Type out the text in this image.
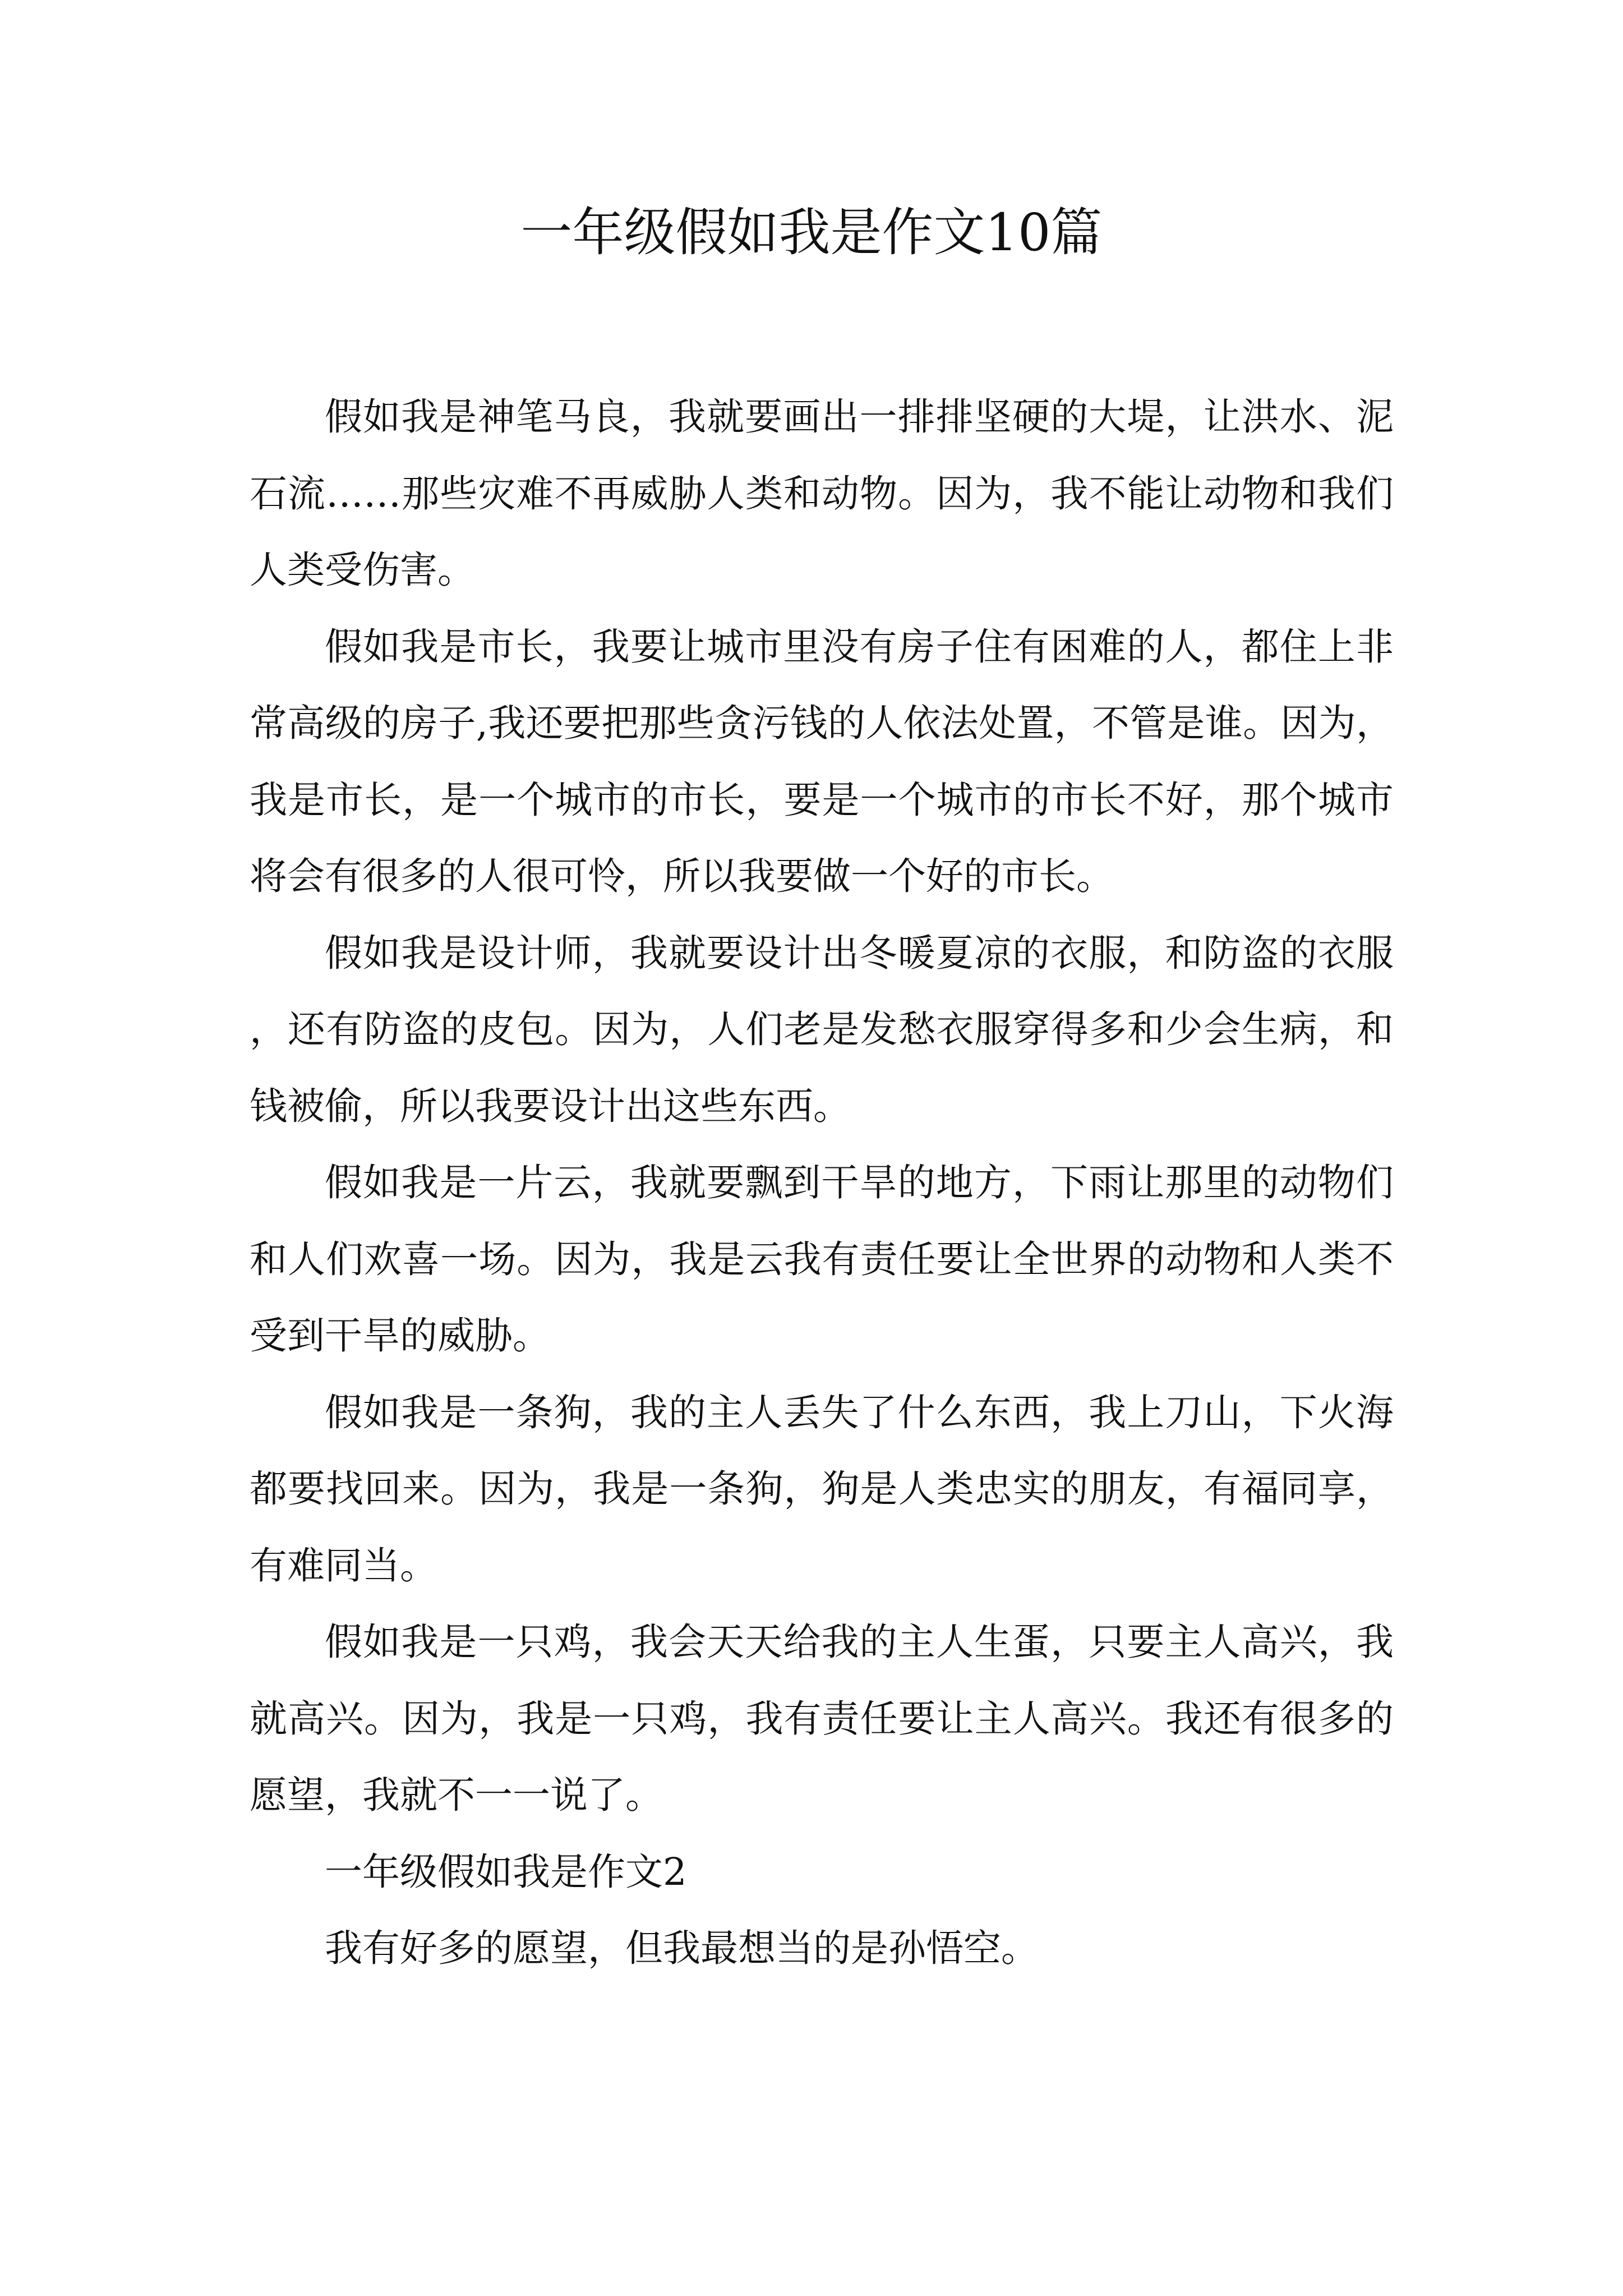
一年级假如我是作文10篇

假如我是神笔马良，我就要画出一排排坚硬的大堤，让洪水、泥石流……那些灾难不再威胁人类和动物。因为，我不能让动物和我们人类受伤害。

假如我是市长，我要让城市里没有房子住有困难的人，都住上非常高级的房子,我还要把那些贪污钱的人依法处置，不管是谁。因为，我是市长，是一个城市的市长，要是一个城市的市长不好，那个城市将会有很多的人很可怜，所以我要做一个好的市长。

假如我是设计师，我就要设计出冬暖夏凉的衣服，和防盗的衣服，还有防盗的皮包。因为，人们老是发愁衣服穿得多和少会生病，和钱被偷，所以我要设计出这些东西。

假如我是一片云，我就要飘到干旱的地方，下雨让那里的动物们和人们欢喜一场。因为，我是云我有责任要让全世界的动物和人类不受到干旱的威胁。

假如我是一条狗，我的主人丢失了什么东西，我上刀山，下火海都要找回来。因为，我是一条狗，狗是人类忠实的朋友，有福同享，有难同当。

假如我是一只鸡，我会天天给我的主人生蛋，只要主人高兴，我就高兴。因为，我是一只鸡，我有责任要让主人高兴。我还有很多的愿望，我就不一一说了。

一年级假如我是作文2

我有好多的愿望，但我最想当的是孙悟空。
